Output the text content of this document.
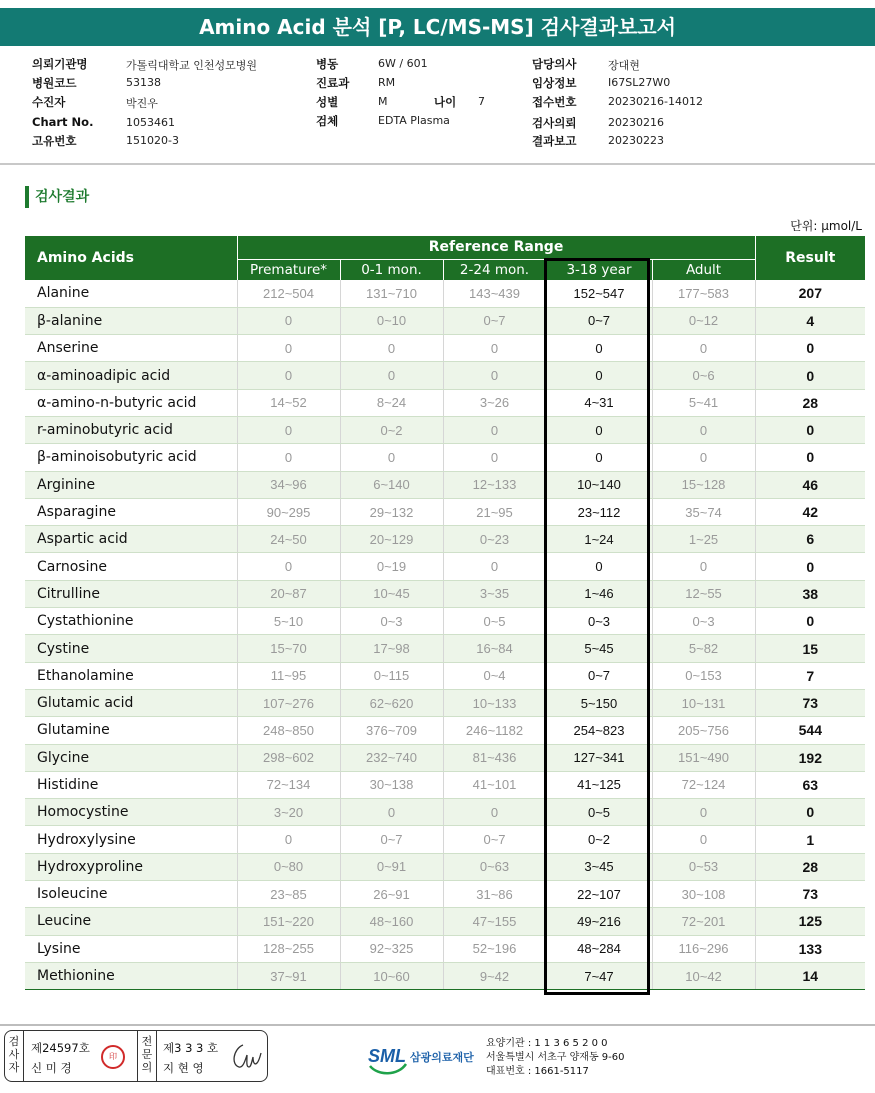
Amino Acid 분석 [P, LC/MS-MS] 검사결과보고서
의뢰기관명	가톨릭대학교 인천성모병원
병원코드	53138
수진자	박진우
Chart No.	1053461
고유번호	151020-3
병동	6W / 601
진료과	RM
성별	M	나이 7
검체	EDTA Plasma
담당의사	장대현
임상정보	I67SL27W0
접수번호	20230216-14012
검사의뢰	20230216
결과보고	20230223
검사결과
단위: μmol/L
Amino Acids	Reference Range					Result
	Premature*	0-1 mon.	2-24 mon.	3-18 year	Adult	
Alanine	212~504	131~710	143~439	152~547	177~583	207
β-alanine	0	0~10	0~7	0~7	0~12	4
Anserine	0	0	0	0	0	0
α-aminoadipic acid	0	0	0	0	0~6	0
α-amino-n-butyric acid	14~52	8~24	3~26	4~31	5~41	28
r-aminobutyric acid	0	0~2	0	0	0	0
β-aminoisobutyric acid	0	0	0	0	0	0
Arginine	34~96	6~140	12~133	10~140	15~128	46
Asparagine	90~295	29~132	21~95	23~112	35~74	42
Aspartic acid	24~50	20~129	0~23	1~24	1~25	6
Carnosine	0	0~19	0	0	0	0
Citrulline	20~87	10~45	3~35	1~46	12~55	38
Cystathionine	5~10	0~3	0~5	0~3	0~3	0
Cystine	15~70	17~98	16~84	5~45	5~82	15
Ethanolamine	11~95	0~115	0~4	0~7	0~153	7
Glutamic acid	107~276	62~620	10~133	5~150	10~131	73
Glutamine	248~850	376~709	246~1182	254~823	205~756	544
Glycine	298~602	232~740	81~436	127~341	151~490	192
Histidine	72~134	30~138	41~101	41~125	72~124	63
Homocystine	3~20	0	0	0~5	0	0
Hydroxylysine	0	0~7	0~7	0~2	0	1
Hydroxyproline	0~80	0~91	0~63	3~45	0~53	28
Isoleucine	23~85	26~91	31~86	22~107	30~108	73
Leucine	151~220	48~160	47~155	49~216	72~201	125
Lysine	128~255	92~325	52~196	48~284	116~296	133
Methionine	37~91	10~60	9~42	7~47	10~42	14
검사자
제24597호
신 미 경
印
전문의
제3 3 3 호
지 현 영
SML 삼광의료재단
요양기관 : 1 1 3 6 5 2 0 0
서울특별시 서초구 양재동 9-60
대표번호 : 1661-5117
